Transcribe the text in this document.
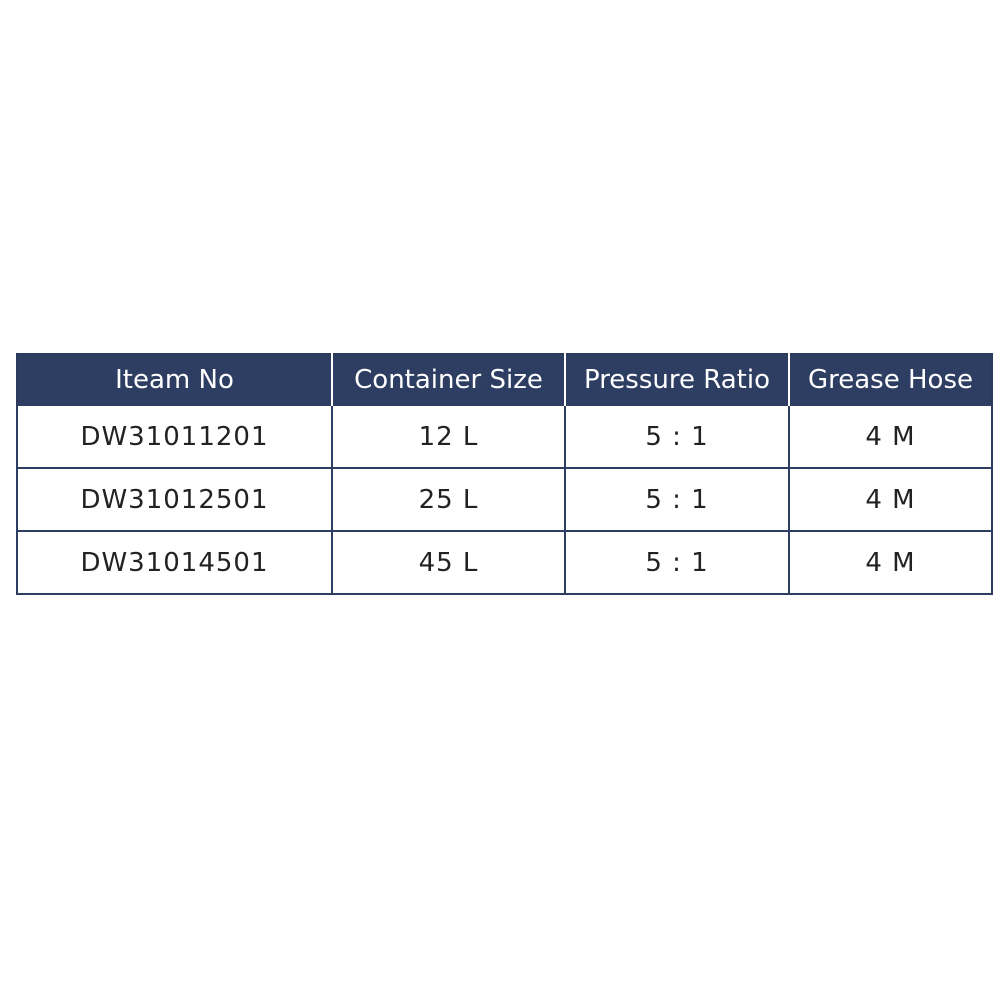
Iteam No	Container Size	Pressure Ratio	Grease Hose
DW31011201	12 L	5 : 1	4 M
DW31012501	25 L	5 : 1	4 M
DW31014501	45 L	5 : 1	4 M
